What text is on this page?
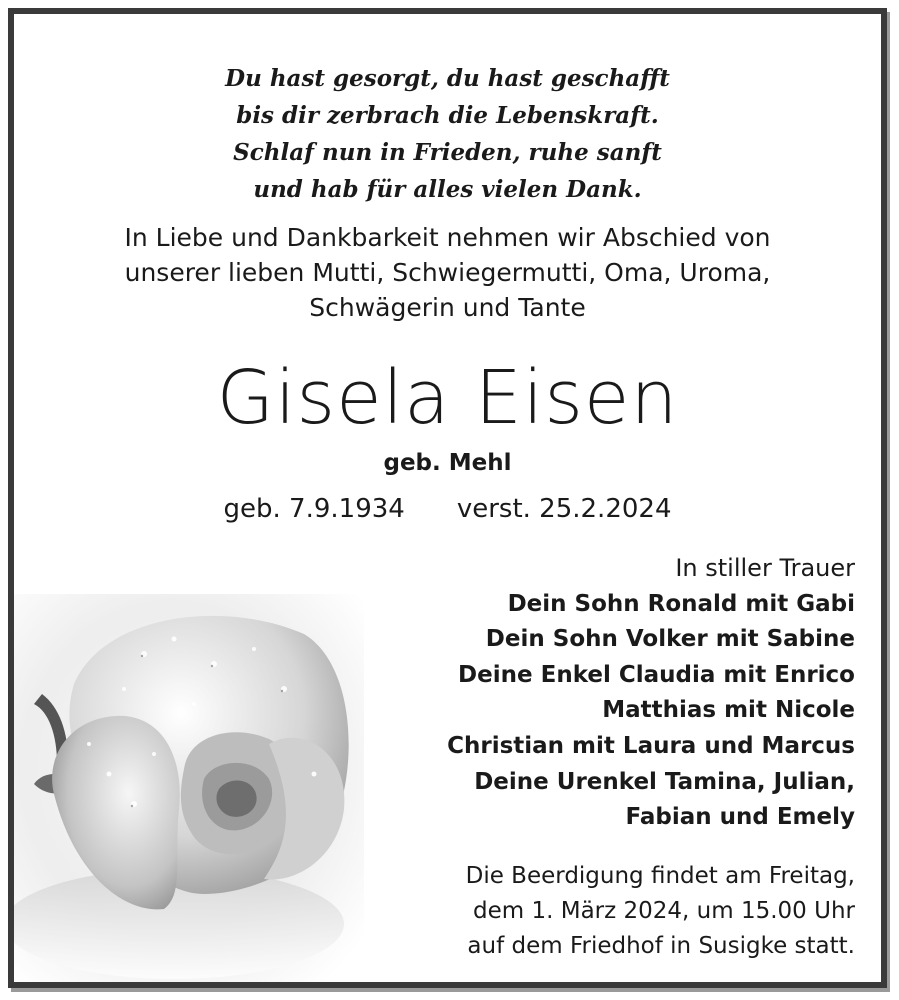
Du hast gesorgt, du hast geschafft
bis dir zerbrach die Lebenskraft.
Schlaf nun in Frieden, ruhe sanft
und hab für alles vielen Dank.
In Liebe und Dankbarkeit nehmen wir Abschied von
unserer lieben Mutti, Schwiegermutti, Oma, Uroma,
Schwägerin und Tante
Gisela Eisen
geb. Mehl
geb. 7.9.1934 verst. 25.2.2024
In stiller Trauer
Dein Sohn Ronald mit Gabi
Dein Sohn Volker mit Sabine
Deine Enkel Claudia mit Enrico
Matthias mit Nicole
Christian mit Laura und Marcus
Deine Urenkel Tamina, Julian,
Fabian und Emely
Die Beerdigung findet am Freitag,
dem 1. März 2024, um 15.00 Uhr
auf dem Friedhof in Susigke statt.
